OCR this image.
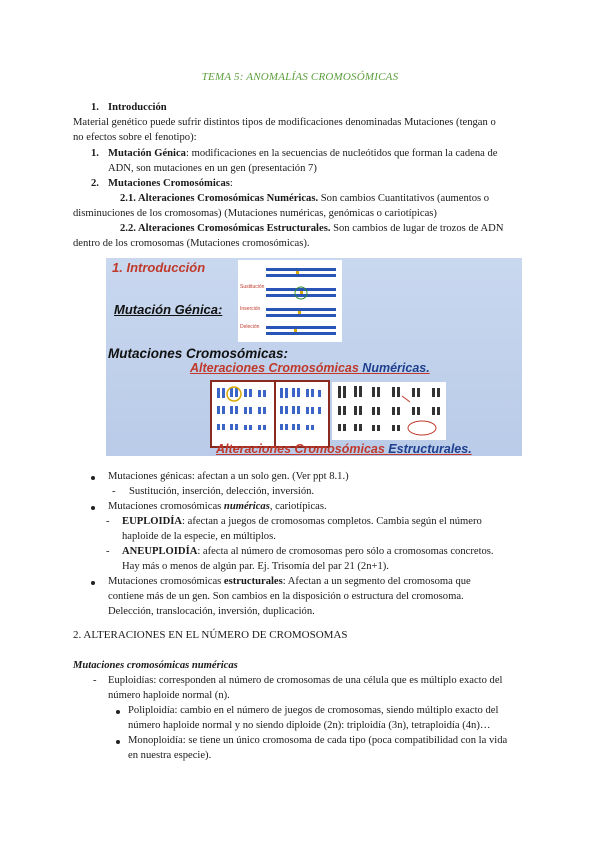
TEMA 5: ANOMALÍAS CROMOSÓMICAS
1. Introducción
Material genético puede sufrir distintos tipos de modificaciones denominadas Mutaciones (tengan o
no efectos sobre el fenotipo):
1. Mutación Génica: modificaciones en la secuencias de nucleótidos que forman la cadena de
ADN, son mutaciones en un gen (presentación 7)
2. Mutaciones Cromosómicas:
2.1. Alteraciones Cromosómicas Numéricas. Son cambios Cuantitativos (aumentos o
disminuciones de los cromosomas) (Mutaciones numéricas, genómicas o cariotípicas)
2.2. Alteraciones Cromosómicas Estructurales. Son cambios de lugar de trozos de ADN
dentro de los cromosomas (Mutaciones cromosómicas).
1. Introducción
Sustitución
Inserción
Deleción
Mutación Génica:
Mutaciones Cromosómicas:
Alteraciones Cromosómicas Numéricas.
Alteraciones Cromosómicas Estructurales.
Mutaciones génicas: afectan a un solo gen. (Ver ppt 8.1.)
- Sustitución, inserción, delección, inversión.
Mutaciones cromosómicas numéricas, cariotípicas.
- EUPLOIDÍA: afectan a juegos de cromosomas completos. Cambia según el número
haploide de la especie, en múltiplos.
- ANEUPLOIDÍA: afecta al número de cromosomas pero sólo a cromosomas concretos.
Hay más o menos de algún par. Ej. Trisomía del par 21 (2n+1).
Mutaciones cromosómicas estructurales: Afectan a un segmento del cromosoma que
contiene más de un gen. Son cambios en la disposición o estructura del cromosoma.
Delección, translocación, inversión, duplicación.
2. ALTERACIONES EN EL NÚMERO DE CROMOSOMAS
Mutaciones cromosómicas numéricas
- Euploidías: corresponden al número de cromosomas de una célula que es múltiplo exacto del
número haploide normal (n).
Poliploidía: cambio en el número de juegos de cromosomas, siendo múltiplo exacto del
número haploide normal y no siendo diploide (2n): triploidía (3n), tetraploidía (4n)…
Monoploidía: se tiene un único cromosoma de cada tipo (poca compatibilidad con la vida
en nuestra especie).
